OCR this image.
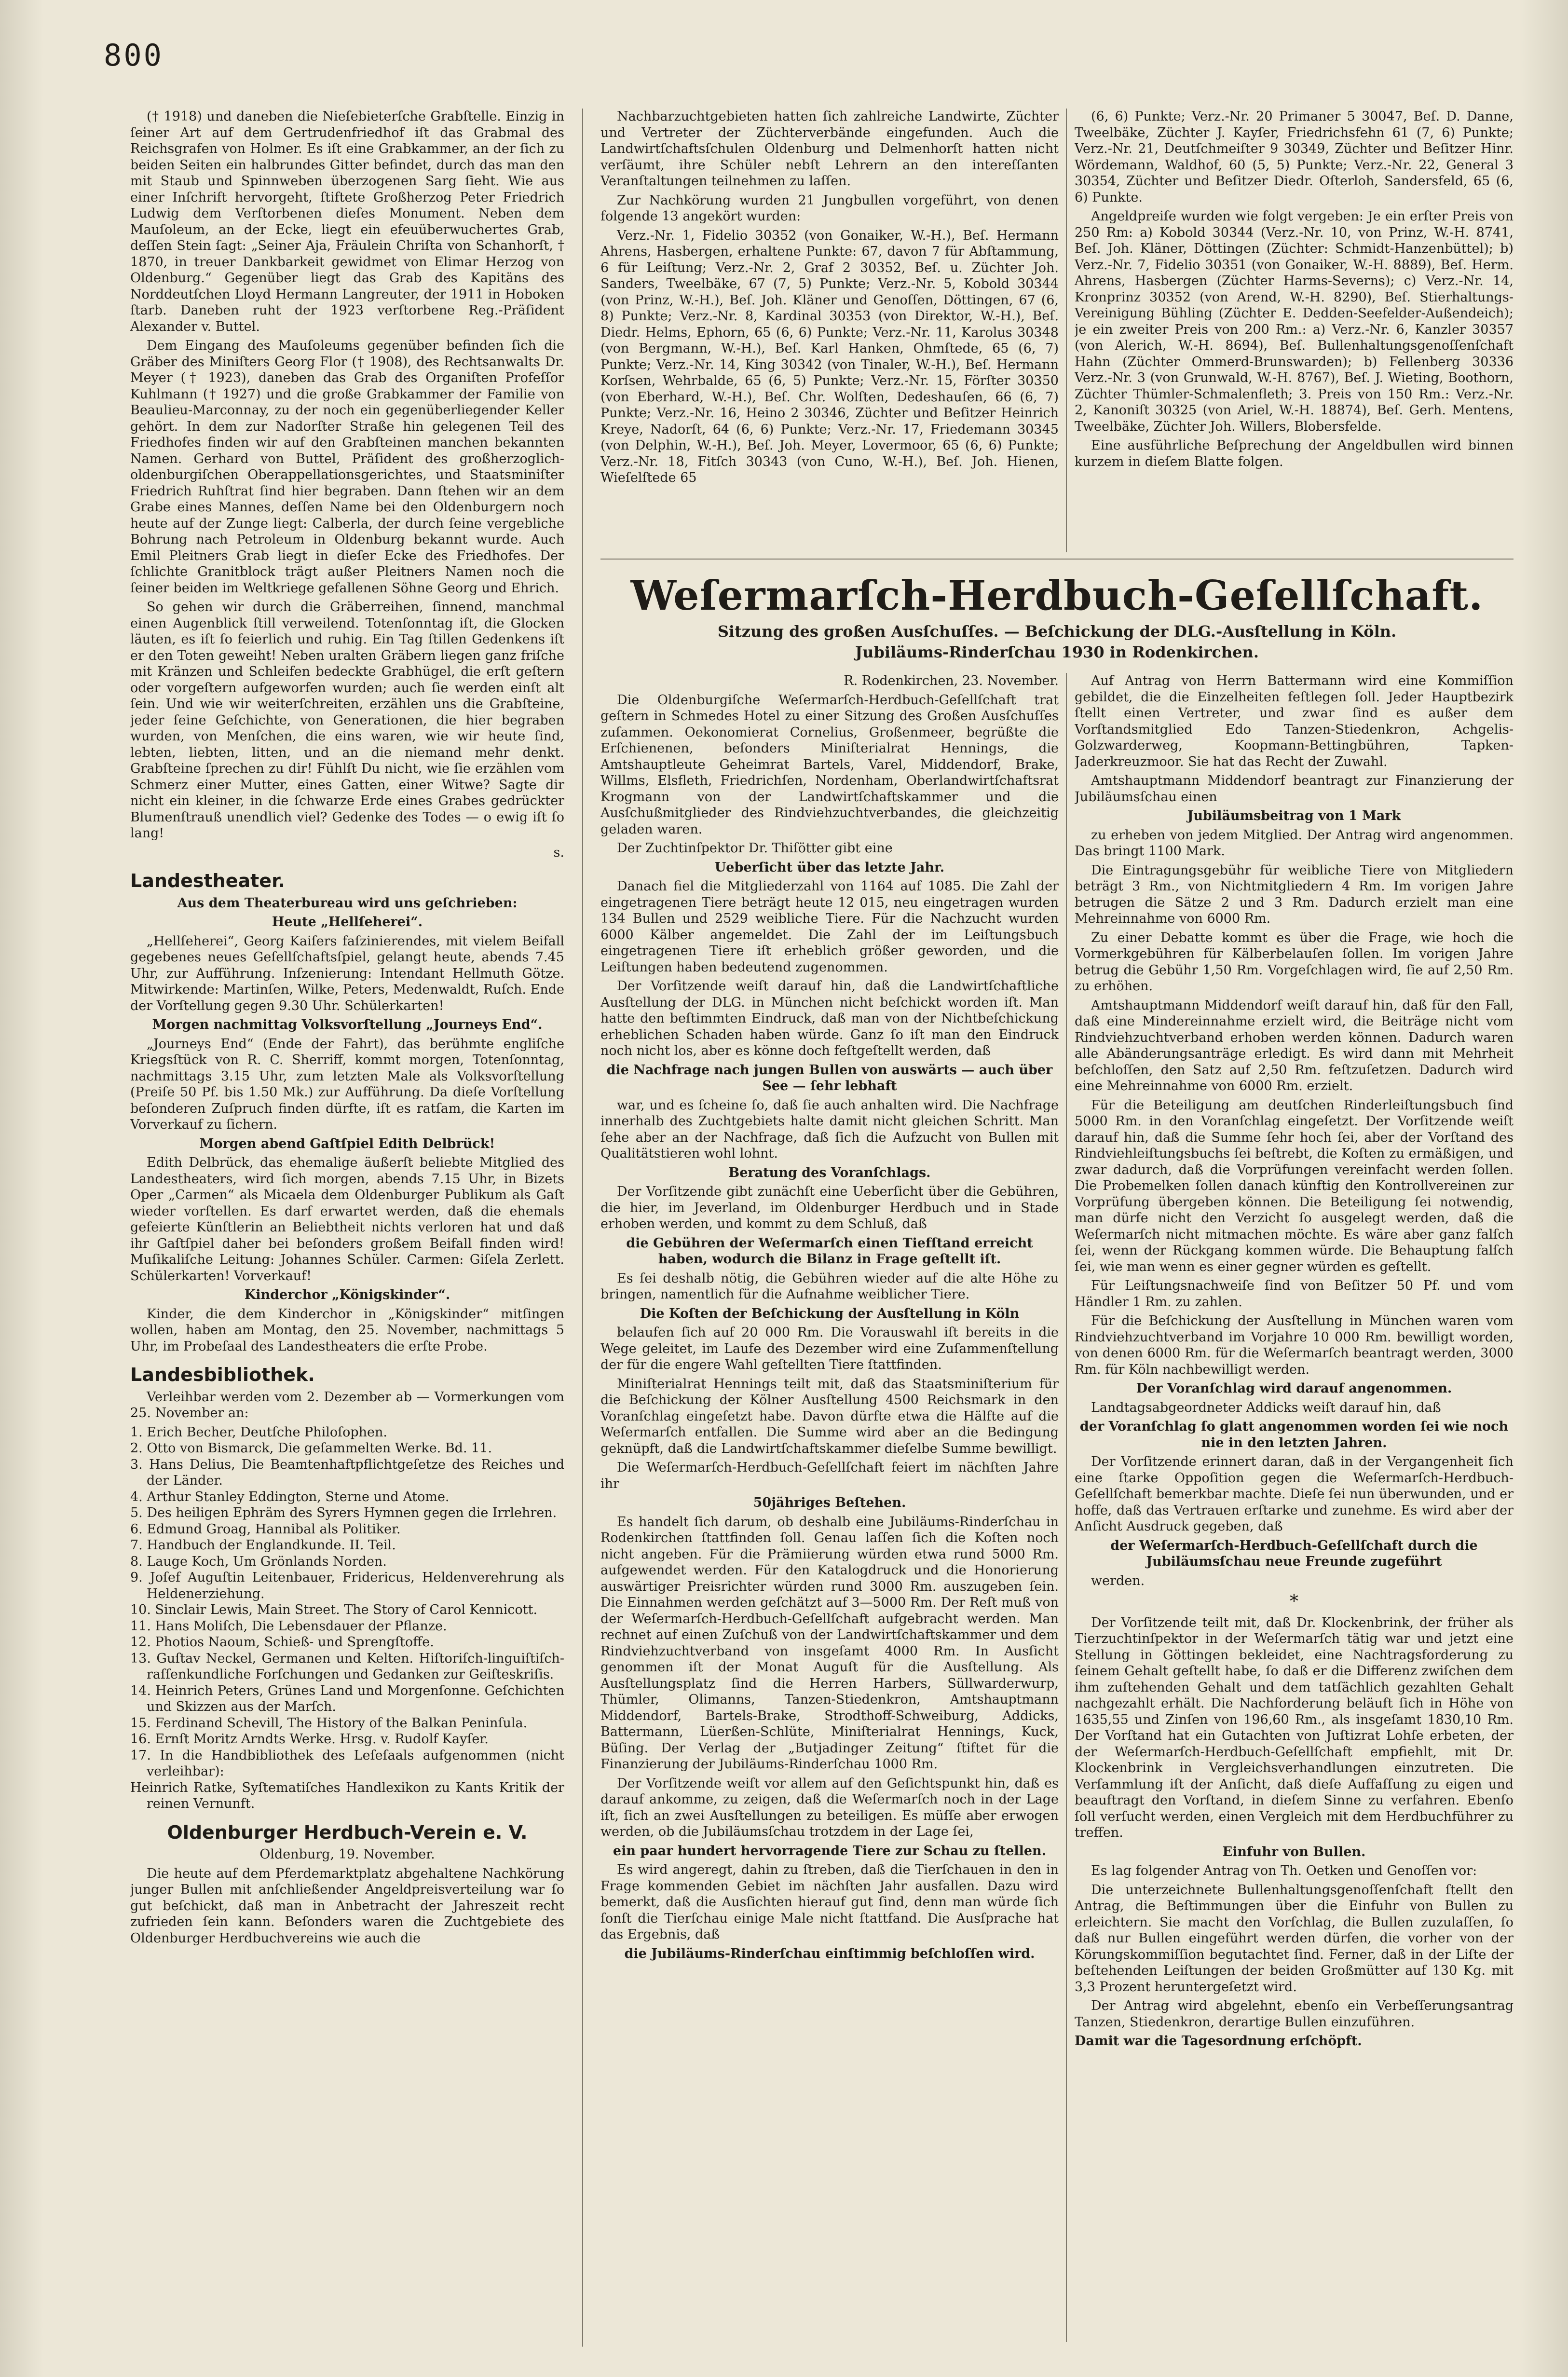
800

(† 1918) und daneben die Nieſebieterſche Grabſtelle. Einzig in ſeiner Art auf dem Gertrudenfriedhof iſt das Grabmal des Reichsgrafen von Holmer. Es iſt eine Grabkammer, an der ſich zu beiden Seiten ein halbrundes Gitter befindet, durch das man den mit Staub und Spinnweben überzogenen Sarg ſieht. Wie aus einer Inſchrift hervorgeht, ſtiftete Großherzog Peter Friedrich Ludwig dem Verſtorbenen dieſes Monument. Neben dem Mauſoleum, an der Ecke, liegt ein efeuüberwuchertes Grab, deſſen Stein ſagt: „Seiner Aja, Fräulein Chriſta von Schanhorſt, † 1870, in treuer Dankbarkeit gewidmet von Elimar Herzog von Oldenburg.“ Gegenüber liegt das Grab des Kapitäns des Norddeutſchen Lloyd Hermann Langreuter, der 1911 in Hoboken ſtarb. Daneben ruht der 1923 verſtorbene Reg.-Präſident Alexander v. Buttel.

Dem Eingang des Mauſoleums gegenüber befinden ſich die Gräber des Miniſters Georg Flor († 1908), des Rechtsanwalts Dr. Meyer († 1923), daneben das Grab des Organiſten Profeſſor Kuhlmann († 1927) und die große Grabkammer der Familie von Beaulieu-Marconnay, zu der noch ein gegenüberliegender Keller gehört. In dem zur Nadorſter Straße hin gelegenen Teil des Friedhofes finden wir auf den Grabſteinen manchen bekannten Namen. Gerhard von Buttel, Präſident des großherzoglich-oldenburgiſchen Oberappellationsgerichtes, und Staatsminiſter Friedrich Ruhſtrat ſind hier begraben. Dann ſtehen wir an dem Grabe eines Mannes, deſſen Name bei den Oldenburgern noch heute auf der Zunge liegt: Calberla, der durch ſeine vergebliche Bohrung nach Petroleum in Oldenburg bekannt wurde. Auch Emil Pleitners Grab liegt in dieſer Ecke des Friedhofes. Der ſchlichte Granitblock trägt außer Pleitners Namen noch die ſeiner beiden im Weltkriege gefallenen Söhne Georg und Ehrich.

So gehen wir durch die Gräberreihen, ſinnend, manchmal einen Augenblick ſtill verweilend. Totenſonntag iſt, die Glocken läuten, es iſt ſo feierlich und ruhig. Ein Tag ſtillen Gedenkens iſt er den Toten geweiht! Neben uralten Gräbern liegen ganz friſche mit Kränzen und Schleifen bedeckte Grabhügel, die erſt geſtern oder vorgeſtern aufgeworfen wurden; auch ſie werden einſt alt ſein. Und wie wir weiterſchreiten, erzählen uns die Grabſteine, jeder ſeine Geſchichte, von Generationen, die hier begraben wurden, von Menſchen, die eins waren, wie wir heute ſind, lebten, liebten, litten, und an die niemand mehr denkt. Grabſteine ſprechen zu dir! Fühlſt Du nicht, wie ſie erzählen vom Schmerz einer Mutter, eines Gatten, einer Witwe? Sagte dir nicht ein kleiner, in die ſchwarze Erde eines Grabes gedrückter Blumenſtrauß unendlich viel? Gedenke des Todes — o ewig iſt ſo lang!

s.

Landestheater.

Aus dem Theaterbureau wird uns geſchrieben:

Heute „Hellſeherei“.

„Hellſeherei“, Georg Kaiſers faſzinierendes, mit vielem Beifall gegebenes neues Geſellſchaftsſpiel, gelangt heute, abends 7.45 Uhr, zur Aufführung. Inſzenierung: Intendant Hellmuth Götze. Mitwirkende: Martinſen, Wilke, Peters, Medenwaldt, Ruſch. Ende der Vorſtellung gegen 9.30 Uhr. Schülerkarten!

Morgen nachmittag Volksvorſtellung „Journeys End“.

„Journeys End“ (Ende der Fahrt), das berühmte engliſche Kriegsſtück von R. C. Sherriff, kommt morgen, Totenſonntag, nachmittags 3.15 Uhr, zum letzten Male als Volksvorſtellung (Preiſe 50 Pf. bis 1.50 Mk.) zur Aufführung. Da dieſe Vorſtellung beſonderen Zuſpruch finden dürfte, iſt es ratſam, die Karten im Vorverkauf zu ſichern.

Morgen abend Gaſtſpiel Edith Delbrück!

Edith Delbrück, das ehemalige äußerſt beliebte Mitglied des Landestheaters, wird ſich morgen, abends 7.15 Uhr, in Bizets Oper „Carmen“ als Micaela dem Oldenburger Publikum als Gaſt wieder vorſtellen. Es darf erwartet werden, daß die ehemals gefeierte Künſtlerin an Beliebtheit nichts verloren hat und daß ihr Gaſtſpiel daher bei beſonders großem Beifall finden wird! Muſikaliſche Leitung: Johannes Schüler. Carmen: Giſela Zerlett. Schülerkarten! Vorverkauf!

Kinderchor „Königskinder“.

Kinder, die dem Kinderchor in „Königskinder“ mitſingen wollen, haben am Montag, den 25. November, nachmittags 5 Uhr, im Probeſaal des Landestheaters die erſte Probe.

Landesbibliothek.

Verleihbar werden vom 2. Dezember ab — Vormerkungen vom 25. November an:

1. Erich Becher, Deutſche Philoſophen.

2. Otto von Bismarck, Die geſammelten Werke. Bd. 11.

3. Hans Delius, Die Beamtenhaftpflichtgeſetze des Reiches und der Länder.

4. Arthur Stanley Eddington, Sterne und Atome.

5. Des heiligen Ephräm des Syrers Hymnen gegen die Irrlehren.

6. Edmund Groag, Hannibal als Politiker.

7. Handbuch der Englandkunde. II. Teil.

8. Lauge Koch, Um Grönlands Norden.

9. Joſef Auguſtin Leitenbauer, Fridericus, Heldenverehrung als Heldenerziehung.

10. Sinclair Lewis, Main Street. The Story of Carol Kennicott.

11. Hans Moliſch, Die Lebensdauer der Pflanze.

12. Photios Naoum, Schieß- und Sprengſtoffe.

13. Guſtav Neckel, Germanen und Kelten. Hiſtoriſch-linguiſtiſch-raſſenkundliche Forſchungen und Gedanken zur Geiſteskriſis.

14. Heinrich Peters, Grünes Land und Morgenſonne. Geſchichten und Skizzen aus der Marſch.

15. Ferdinand Schevill, The History of the Balkan Peninſula.

16. Ernſt Moritz Arndts Werke. Hrsg. v. Rudolf Kayſer.

17. In die Handbibliothek des Leſeſaals aufgenommen (nicht verleihbar):

Heinrich Ratke, Syſtematiſches Handlexikon zu Kants Kritik der reinen Vernunft.

Oldenburger Herdbuch-Verein e. V.

Oldenburg, 19. November.

Die heute auf dem Pferdemarktplatz abgehaltene Nachkörung junger Bullen mit anſchließender Angeldpreisverteilung war ſo gut beſchickt, daß man in Anbetracht der Jahreszeit recht zufrieden ſein kann. Beſonders waren die Zuchtgebiete des Oldenburger Herdbuchvereins wie auch die

Nachbarzuchtgebieten hatten ſich zahlreiche Landwirte, Züchter und Vertreter der Züchterverbände eingefunden. Auch die Landwirtſchaftsſchulen Oldenburg und Delmenhorſt hatten nicht verſäumt, ihre Schüler nebſt Lehrern an den intereſſanten Veranſtaltungen teilnehmen zu laſſen.

Zur Nachkörung wurden 21 Jungbullen vorgeführt, von denen folgende 13 angekört wurden:

Verz.-Nr. 1, Fidelio 30352 (von Gonaiker, W.-H.), Beſ. Hermann Ahrens, Hasbergen, erhaltene Punkte: 67, davon 7 für Abſtammung, 6 für Leiſtung; Verz.-Nr. 2, Graf 2 30352, Beſ. u. Züchter Joh. Sanders, Tweelbäke, 67 (7, 5) Punkte; Verz.-Nr. 5, Kobold 30344 (von Prinz, W.-H.), Beſ. Joh. Kläner und Genoſſen, Döttingen, 67 (6, 8) Punkte; Verz.-Nr. 8, Kardinal 30353 (von Direktor, W.-H.), Beſ. Diedr. Helms, Ephorn, 65 (6, 6) Punkte; Verz.-Nr. 11, Karolus 30348 (von Bergmann, W.-H.), Beſ. Karl Hanken, Ohmſtede, 65 (6, 7) Punkte; Verz.-Nr. 14, King 30342 (von Tinaler, W.-H.), Beſ. Hermann Korſsen, Wehrbalde, 65 (6, 5) Punkte; Verz.-Nr. 15, Förſter 30350 (von Eberhard, W.-H.), Beſ. Chr. Wolſten, Dedeshauſen, 66 (6, 7) Punkte; Verz.-Nr. 16, Heino 2 30346, Züchter und Beſitzer Heinrich Kreye, Nadorſt, 64 (6, 6) Punkte; Verz.-Nr. 17, Friedemann 30345 (von Delphin, W.-H.), Beſ. Joh. Meyer, Lovermoor, 65 (6, 6) Punkte; Verz.-Nr. 18, Fitſch 30343 (von Cuno, W.-H.), Beſ. Joh. Hienen, Wieſelſtede 65

(6, 6) Punkte; Verz.-Nr. 20 Primaner 5 30047, Beſ. D. Danne, Tweelbäke, Züchter J. Kayſer, Friedrichsfehn 61 (7, 6) Punkte; Verz.-Nr. 21, Deutſchmeiſter 9 30349, Züchter und Beſitzer Hinr. Wördemann, Waldhof, 60 (5, 5) Punkte; Verz.-Nr. 22, General 3 30354, Züchter und Beſitzer Diedr. Oſterloh, Sandersfeld, 65 (6, 6) Punkte.

Angeldpreiſe wurden wie folgt vergeben: Je ein erſter Preis von 250 Rm: a) Kobold 30344 (Verz.-Nr. 10, von Prinz, W.-H. 8741, Beſ. Joh. Kläner, Döttingen (Züchter: Schmidt-Hanzenbüttel); b) Verz.-Nr. 7, Fidelio 30351 (von Gonaiker, W.-H. 8889), Beſ. Herm. Ahrens, Hasbergen (Züchter Harms-Severns); c) Verz.-Nr. 14, Kronprinz 30352 (von Arend, W.-H. 8290), Beſ. Stierhaltungs-Vereinigung Bühling (Züchter E. Dedden-Seefelder-Außendeich); je ein zweiter Preis von 200 Rm.: a) Verz.-Nr. 6, Kanzler 30357 (von Alerich, W.-H. 8694), Beſ. Bullenhaltungsgenoſſenſchaft Hahn (Züchter Ommerd-Brunswarden); b) Fellenberg 30336 Verz.-Nr. 3 (von Grunwald, W.-H. 8767), Beſ. J. Wieting, Boothorn, Züchter Thümler-Schmalenfleth; 3. Preis von 150 Rm.: Verz.-Nr. 2, Kanoniſt 30325 (von Ariel, W.-H. 18874), Beſ. Gerh. Mentens, Tweelbäke, Züchter Joh. Willers, Blobersfelde.

Eine ausführliche Beſprechung der Angeldbullen wird binnen kurzem in dieſem Blatte folgen.

Weſermarſch-Herdbuch-Geſellſchaft.
Sitzung des großen Ausſchuſſes. — Beſchickung der DLG.-Ausſtellung in Köln.
Jubiläums-Rinderſchau 1930 in Rodenkirchen.

R. Rodenkirchen, 23. November.

Die Oldenburgiſche Weſermarſch-Herdbuch-Geſellſchaft trat geſtern in Schmedes Hotel zu einer Sitzung des Großen Ausſchuſſes zuſammen. Oekonomierat Cornelius, Großenmeer, begrüßte die Erſchienenen, beſonders Miniſterialrat Hennings, die Amtshauptleute Geheimrat Bartels, Varel, Middendorf, Brake, Willms, Elsfleth, Friedrichſen, Nordenham, Oberlandwirtſchaftsrat Krogmann von der Landwirtſchaftskammer und die Ausſchußmitglieder des Rindviehzuchtverbandes, die gleichzeitig geladen waren.

Der Zuchtinſpektor Dr. Thiſötter gibt eine

Ueberſicht über das letzte Jahr.

Danach fiel die Mitgliederzahl von 1164 auf 1085. Die Zahl der eingetragenen Tiere beträgt heute 12 015, neu eingetragen wurden 134 Bullen und 2529 weibliche Tiere. Für die Nachzucht wurden 6000 Kälber angemeldet. Die Zahl der im Leiſtungsbuch eingetragenen Tiere iſt erheblich größer geworden, und die Leiſtungen haben bedeutend zugenommen.

Der Vorſitzende weiſt darauf hin, daß die Landwirtſchaftliche Ausſtellung der DLG. in München nicht beſchickt worden iſt. Man hatte den beſtimmten Eindruck, daß man von der Nichtbeſchickung erheblichen Schaden haben würde. Ganz ſo iſt man den Eindruck noch nicht los, aber es könne doch feſtgeſtellt werden, daß

die Nachfrage nach jungen Bullen von auswärts — auch über See — ſehr lebhaft

war, und es ſcheine ſo, daß ſie auch anhalten wird. Die Nachfrage innerhalb des Zuchtgebiets halte damit nicht gleichen Schritt. Man ſehe aber an der Nachfrage, daß ſich die Aufzucht von Bullen mit Qualitätstieren wohl lohnt.

Beratung des Voranſchlags.

Der Vorſitzende gibt zunächſt eine Ueberſicht über die Gebühren, die hier, im Jeverland, im Oldenburger Herdbuch und in Stade erhoben werden, und kommt zu dem Schluß, daß

die Gebühren der Weſermarſch einen Tiefſtand erreicht haben, wodurch die Bilanz in Frage geſtellt iſt.

Es ſei deshalb nötig, die Gebühren wieder auf die alte Höhe zu bringen, namentlich für die Aufnahme weiblicher Tiere.

Die Koſten der Beſchickung der Ausſtellung in Köln

belaufen ſich auf 20 000 Rm. Die Vorauswahl iſt bereits in die Wege geleitet, im Laufe des Dezember wird eine Zuſammenſtellung der für die engere Wahl geſtellten Tiere ſtattfinden.

Miniſterialrat Hennings teilt mit, daß das Staatsminiſterium für die Beſchickung der Kölner Ausſtellung 4500 Reichsmark in den Voranſchlag eingeſetzt habe. Davon dürfte etwa die Hälfte auf die Weſermarſch entfallen. Die Summe wird aber an die Bedingung geknüpft, daß die Landwirtſchaftskammer dieſelbe Summe bewilligt.

Die Weſermarſch-Herdbuch-Geſellſchaft feiert im nächſten Jahre ihr

50jähriges Beſtehen.

Es handelt ſich darum, ob deshalb eine Jubiläums-Rinderſchau in Rodenkirchen ſtattfinden ſoll. Genau laſſen ſich die Koſten noch nicht angeben. Für die Prämiierung würden etwa rund 5000 Rm. aufgewendet werden. Für den Katalogdruck und die Honorierung auswärtiger Preisrichter würden rund 3000 Rm. auszugeben ſein. Die Einnahmen werden geſchätzt auf 3—5000 Rm. Der Reſt muß von der Weſermarſch-Herdbuch-Geſellſchaft aufgebracht werden. Man rechnet auf einen Zuſchuß von der Landwirtſchaftskammer und dem Rindviehzuchtverband von insgeſamt 4000 Rm. In Ausſicht genommen iſt der Monat Auguſt für die Ausſtellung. Als Ausſtellungsplatz ſind die Herren Harbers, Süllwarderwurp, Thümler, Olimanns, Tanzen-Stiedenkron, Amtshauptmann Middendorf, Bartels-Brake, Strodthoff-Schweiburg, Addicks, Battermann, Lüerßen-Schlüte, Miniſterialrat Hennings, Kuck, Büſing. Der Verlag der „Butjadinger Zeitung“ ſtiftet für die Finanzierung der Jubiläums-Rinderſchau 1000 Rm.

Der Vorſitzende weiſt vor allem auf den Geſichtspunkt hin, daß es darauf ankomme, zu zeigen, daß die Weſermarſch noch in der Lage iſt, ſich an zwei Ausſtellungen zu beteiligen. Es müſſe aber erwogen werden, ob die Jubiläumsſchau trotzdem in der Lage ſei,

ein paar hundert hervorragende Tiere zur Schau zu ſtellen.

Es wird angeregt, dahin zu ſtreben, daß die Tierſchauen in den in Frage kommenden Gebiet im nächſten Jahr ausfallen. Dazu wird bemerkt, daß die Ausſichten hierauf gut ſind, denn man würde ſich ſonſt die Tierſchau einige Male nicht ſtattfand. Die Ausſprache hat das Ergebnis, daß

die Jubiläums-Rinderſchau einſtimmig beſchloſſen wird.

Auf Antrag von Herrn Battermann wird eine Kommiſſion gebildet, die die Einzelheiten feſtlegen ſoll. Jeder Hauptbezirk ſtellt einen Vertreter, und zwar ſind es außer dem Vorſtandsmitglied Edo Tanzen-Stiedenkron, Achgelis-Golzwarderweg, Koopmann-Bettingbühren, Tapken-Jaderkreuzmoor. Sie hat das Recht der Zuwahl.

Amtshauptmann Middendorf beantragt zur Finanzierung der Jubiläumsſchau einen

Jubiläumsbeitrag von 1 Mark

zu erheben von jedem Mitglied. Der Antrag wird angenommen. Das bringt 1100 Mark.

Die Eintragungsgebühr für weibliche Tiere von Mitgliedern beträgt 3 Rm., von Nichtmitgliedern 4 Rm. Im vorigen Jahre betrugen die Sätze 2 und 3 Rm. Dadurch erzielt man eine Mehreinnahme von 6000 Rm.

Zu einer Debatte kommt es über die Frage, wie hoch die Vormerkgebühren für Kälberbelauſen ſollen. Im vorigen Jahre betrug die Gebühr 1,50 Rm. Vorgeſchlagen wird, ſie auf 2,50 Rm. zu erhöhen.

Amtshauptmann Middendorf weiſt darauf hin, daß für den Fall, daß eine Mindereinnahme erzielt wird, die Beiträge nicht vom Rindviehzuchtverband erhoben werden können. Dadurch waren alle Abänderungsanträge erledigt. Es wird dann mit Mehrheit beſchloſſen, den Satz auf 2,50 Rm. feſtzuſetzen. Dadurch wird eine Mehreinnahme von 6000 Rm. erzielt.

Für die Beteiligung am deutſchen Rinderleiſtungsbuch ſind 5000 Rm. in den Voranſchlag eingeſetzt. Der Vorſitzende weiſt darauf hin, daß die Summe ſehr hoch ſei, aber der Vorſtand des Rindviehleiſtungsbuchs ſei beſtrebt, die Koſten zu ermäßigen, und zwar dadurch, daß die Vorprüfungen vereinfacht werden ſollen. Die Probemelken ſollen danach künftig den Kontrollvereinen zur Vorprüfung übergeben können. Die Beteiligung ſei notwendig, man dürfe nicht den Verzicht ſo ausgelegt werden, daß die Weſermarſch nicht mitmachen möchte. Es wäre aber ganz falſch ſei, wenn der Rückgang kommen würde. Die Behauptung falſch ſei, wie man wenn es einer gegner würden es geſtellt.

Für Leiſtungsnachweiſe ſind von Beſitzer 50 Pf. und vom Händler 1 Rm. zu zahlen.

Für die Beſchickung der Ausſtellung in München waren vom Rindviehzuchtverband im Vorjahre 10 000 Rm. bewilligt worden, von denen 6000 Rm. für die Weſermarſch beantragt werden, 3000 Rm. für Köln nachbewilligt werden.

Der Voranſchlag wird darauf angenommen.

Landtagsabgeordneter Addicks weiſt darauf hin, daß

der Voranſchlag ſo glatt angenommen worden ſei wie noch nie in den letzten Jahren.

Der Vorſitzende erinnert daran, daß in der Vergangenheit ſich eine ſtarke Oppoſition gegen die Weſermarſch-Herdbuch-Geſellſchaft bemerkbar machte. Dieſe ſei nun überwunden, und er hoffe, daß das Vertrauen erſtarke und zunehme. Es wird aber der Anſicht Ausdruck gegeben, daß

der Weſermarſch-Herdbuch-Geſellſchaft durch die Jubiläumsſchau neue Freunde zugeführt

werden.

*

Der Vorſitzende teilt mit, daß Dr. Klockenbrink, der früher als Tierzuchtinſpektor in der Weſermarſch tätig war und jetzt eine Stellung in Göttingen bekleidet, eine Nachtragsforderung zu ſeinem Gehalt geſtellt habe, ſo daß er die Differenz zwiſchen dem ihm zuſtehenden Gehalt und dem tatſächlich gezahlten Gehalt nachgezahlt erhält. Die Nachforderung beläuft ſich in Höhe von 1635,55 und Zinſen von 196,60 Rm., als insgeſamt 1830,10 Rm. Der Vorſtand hat ein Gutachten von Juſtizrat Lohſe erbeten, der der Weſermarſch-Herdbuch-Geſellſchaft empfiehlt, mit Dr. Klockenbrink in Vergleichsverhandlungen einzutreten. Die Verſammlung iſt der Anſicht, daß dieſe Auffaſſung zu eigen und beauftragt den Vorſtand, in dieſem Sinne zu verfahren. Ebenſo ſoll verſucht werden, einen Vergleich mit dem Herdbuchführer zu treffen.

Einfuhr von Bullen.

Es lag folgender Antrag von Th. Oetken und Genoſſen vor:

Die unterzeichnete Bullenhaltungsgenoſſenſchaft ſtellt den Antrag, die Beſtimmungen über die Einfuhr von Bullen zu erleichtern. Sie macht den Vorſchlag, die Bullen zuzulaſſen, ſo daß nur Bullen eingeführt werden dürfen, die vorher von der Körungskommiſſion begutachtet ſind. Ferner, daß in der Liſte der beſtehenden Leiſtungen der beiden Großmütter auf 130 Kg. mit 3,3 Prozent heruntergeſetzt wird.

Der Antrag wird abgelehnt, ebenſo ein Verbeſſerungsantrag Tanzen, Stiedenkron, derartige Bullen einzuführen.

Damit war die Tagesordnung erſchöpft.
